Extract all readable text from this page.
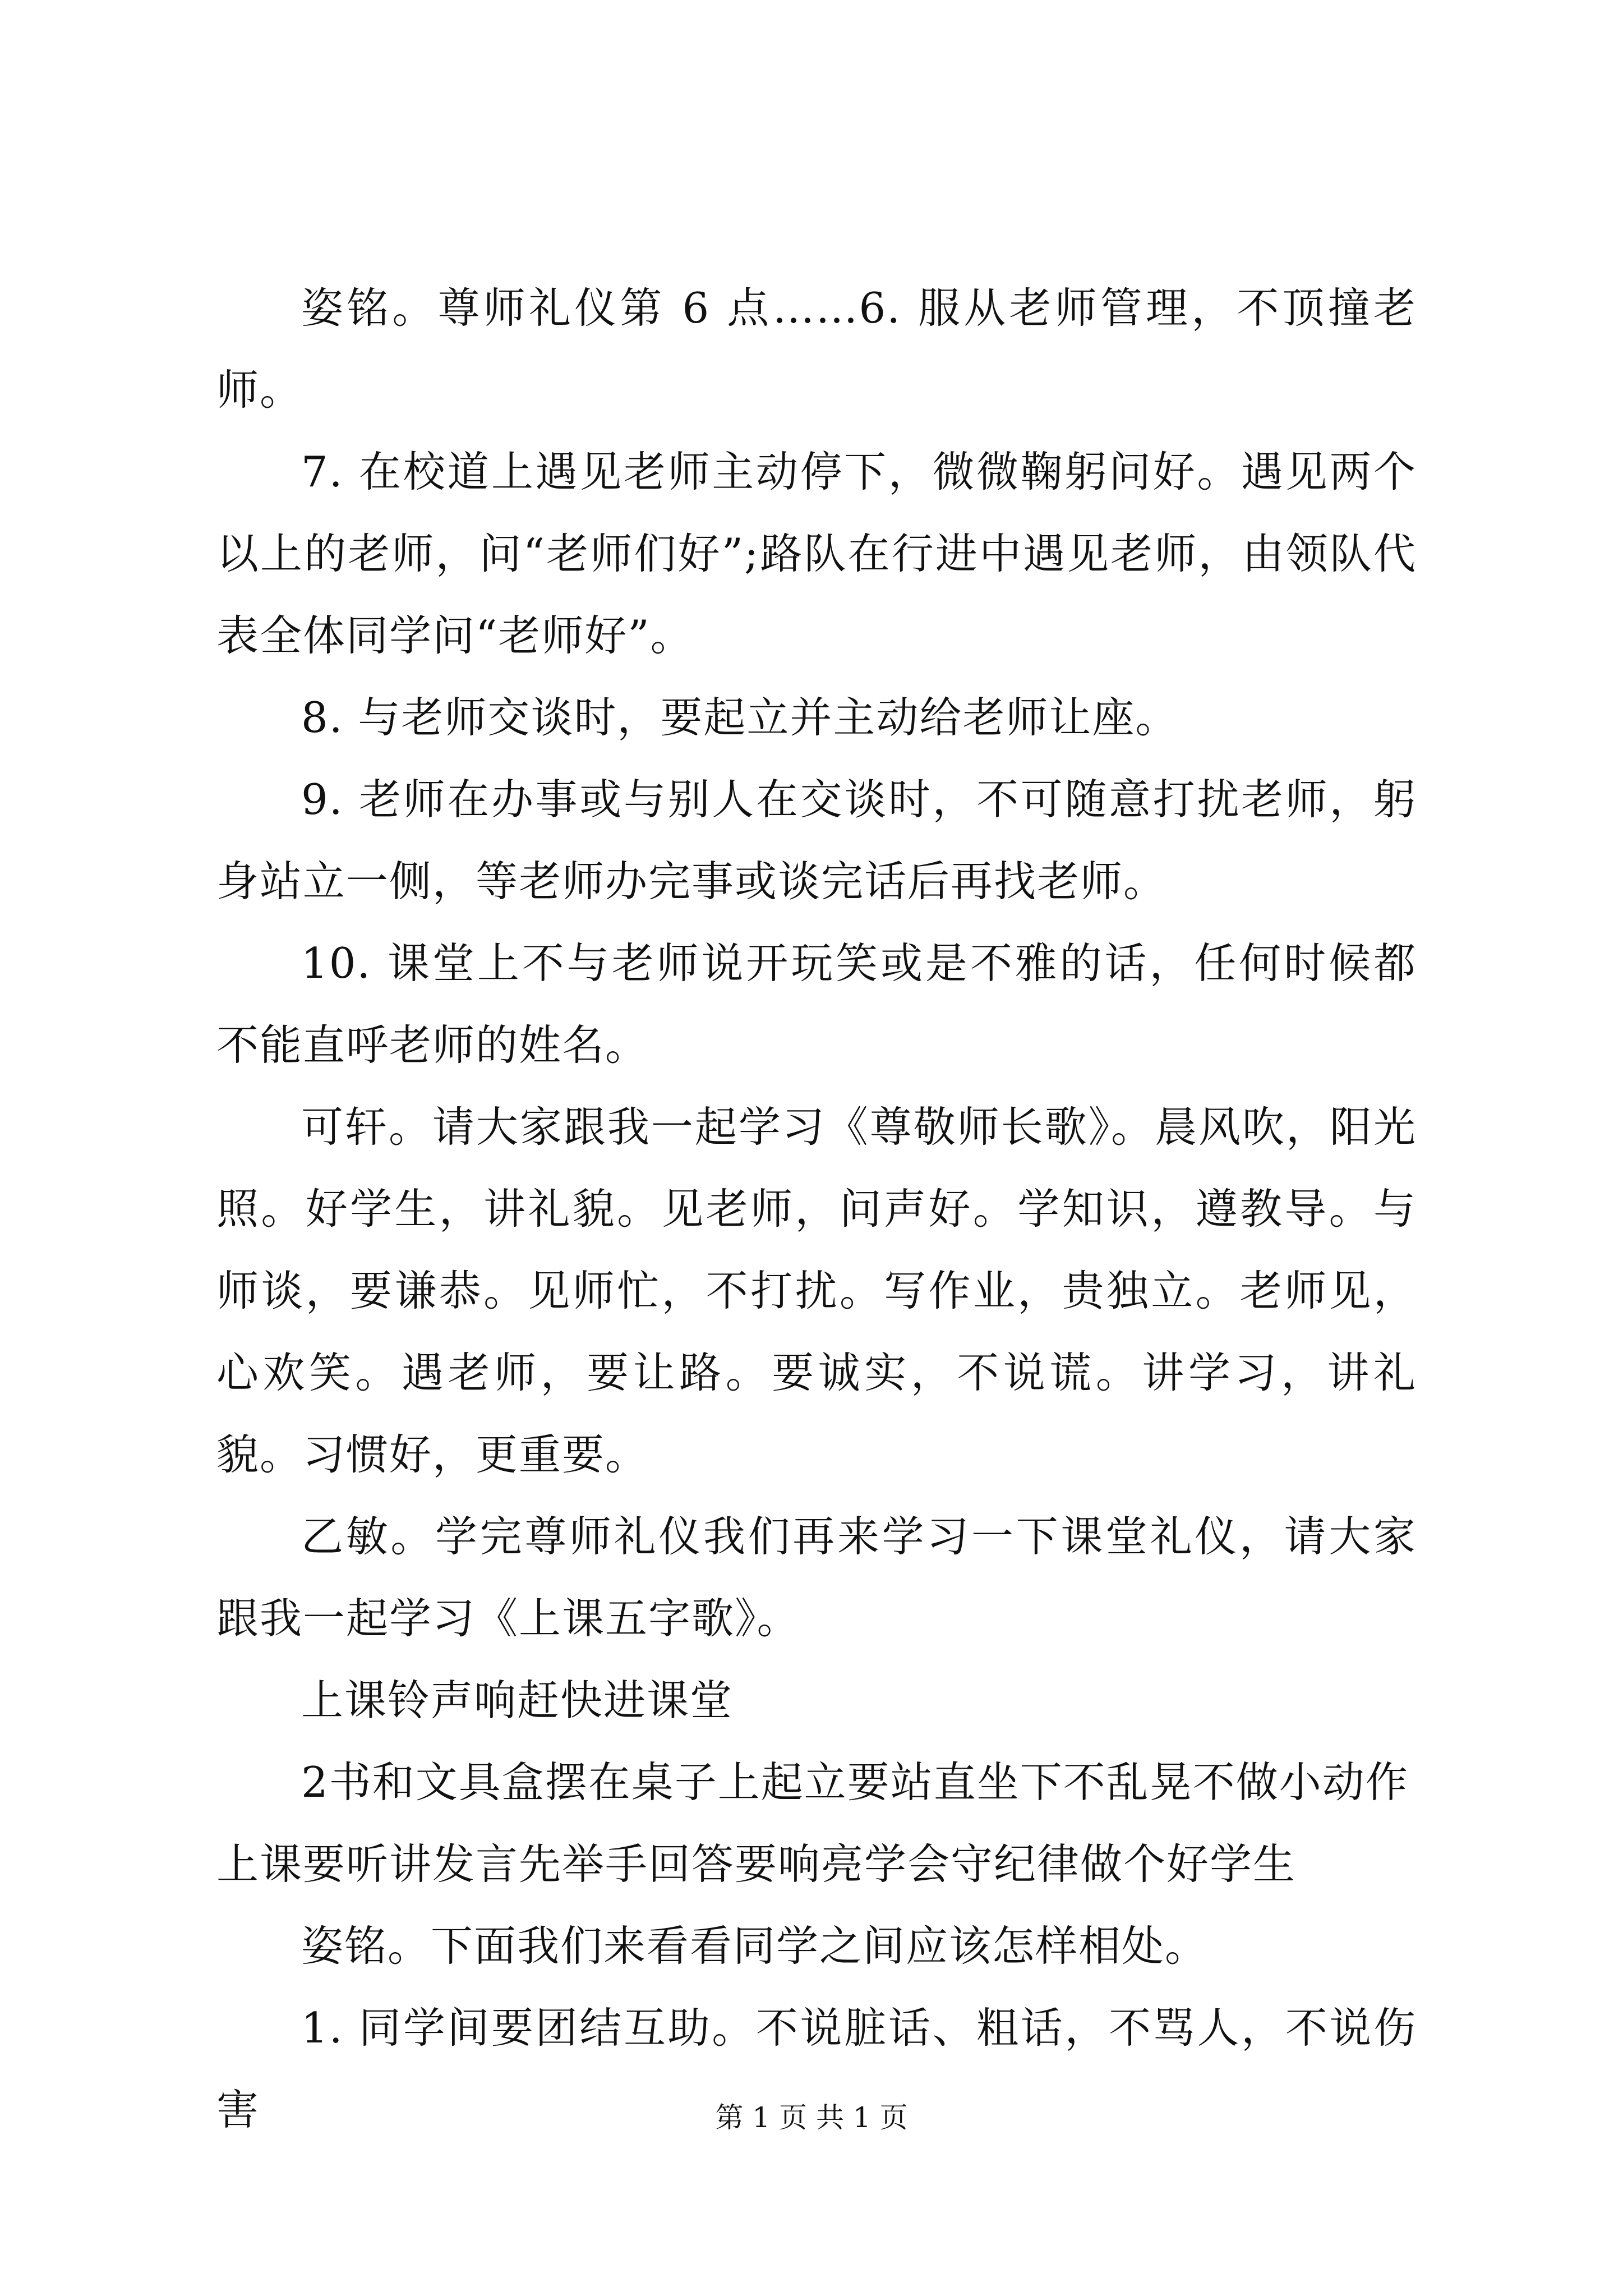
姿铭。尊师礼仪第 6 点……6. 服从老师管理，不顶撞老师。

7. 在校道上遇见老师主动停下，微微鞠躬问好。遇见两个以上的老师，问“老师们好”;路队在行进中遇见老师，由领队代表全体同学问“老师好”。

8. 与老师交谈时，要起立并主动给老师让座。

9. 老师在办事或与别人在交谈时，不可随意打扰老师，躬身站立一侧，等老师办完事或谈完话后再找老师。

10. 课堂上不与老师说开玩笑或是不雅的话，任何时候都不能直呼老师的姓名。

可轩。请大家跟我一起学习《尊敬师长歌》。晨风吹，阳光照。好学生，讲礼貌。见老师，问声好。学知识，遵教导。与师谈，要谦恭。见师忙，不打扰。写作业，贵独立。老师见，心欢笑。遇老师，要让路。要诚实，不说谎。讲学习，讲礼貌。习惯好，更重要。

乙敏。学完尊师礼仪我们再来学习一下课堂礼仪，请大家跟我一起学习《上课五字歌》。

上课铃声响赶快进课堂

2书和文具盒摆在桌子上起立要站直坐下不乱晃不做小动作
上课要听讲发言先举手回答要响亮学会守纪律做个好学生

姿铭。下面我们来看看同学之间应该怎样相处。

1. 同学间要团结互助。不说脏话、粗话，不骂人，不说伤害	第 1 页 共 1 页
